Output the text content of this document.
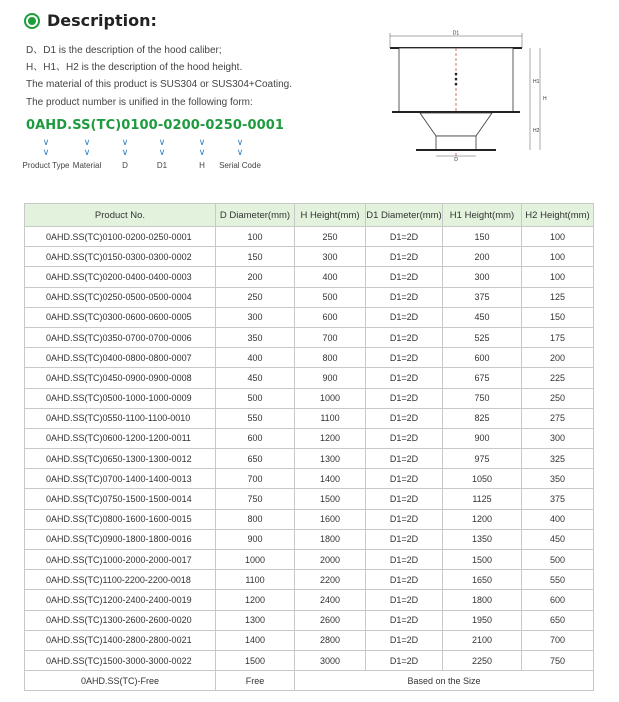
Description:

D、D1 is the description of the hood caliber;

H、H1、H2 is the description of the hood height.

The material of this product is SUS304 or SUS304+Coating.

The product number is unified in the following form:

0AHD.SS(TC)0100-0200-0250-0001
∨
∨
Product Type
∨
∨
Material
∨
∨
D
∨
∨
D1
∨
∨
H
∨
∨
Serial Code
D1
D
H1
H
H2
Product No.	D Diameter(mm)	H Height(mm)	D1 Diameter(mm)	H1 Height(mm)	H2 Height(mm)
0AHD.SS(TC)0100-0200-0250-0001	100	250	D1=2D	150	100
0AHD.SS(TC)0150-0300-0300-0002	150	300	D1=2D	200	100
0AHD.SS(TC)0200-0400-0400-0003	200	400	D1=2D	300	100
0AHD.SS(TC)0250-0500-0500-0004	250	500	D1=2D	375	125
0AHD.SS(TC)0300-0600-0600-0005	300	600	D1=2D	450	150
0AHD.SS(TC)0350-0700-0700-0006	350	700	D1=2D	525	175
0AHD.SS(TC)0400-0800-0800-0007	400	800	D1=2D	600	200
0AHD.SS(TC)0450-0900-0900-0008	450	900	D1=2D	675	225
0AHD.SS(TC)0500-1000-1000-0009	500	1000	D1=2D	750	250
0AHD.SS(TC)0550-1100-1100-0010	550	1100	D1=2D	825	275
0AHD.SS(TC)0600-1200-1200-0011	600	1200	D1=2D	900	300
0AHD.SS(TC)0650-1300-1300-0012	650	1300	D1=2D	975	325
0AHD.SS(TC)0700-1400-1400-0013	700	1400	D1=2D	1050	350
0AHD.SS(TC)0750-1500-1500-0014	750	1500	D1=2D	1125	375
0AHD.SS(TC)0800-1600-1600-0015	800	1600	D1=2D	1200	400
0AHD.SS(TC)0900-1800-1800-0016	900	1800	D1=2D	1350	450
0AHD.SS(TC)1000-2000-2000-0017	1000	2000	D1=2D	1500	500
0AHD.SS(TC)1100-2200-2200-0018	1100	2200	D1=2D	1650	550
0AHD.SS(TC)1200-2400-2400-0019	1200	2400	D1=2D	1800	600
0AHD.SS(TC)1300-2600-2600-0020	1300	2600	D1=2D	1950	650
0AHD.SS(TC)1400-2800-2800-0021	1400	2800	D1=2D	2100	700
0AHD.SS(TC)1500-3000-3000-0022	1500	3000	D1=2D	2250	750
0AHD.SS(TC)-Free	Free	Based on the Size			
